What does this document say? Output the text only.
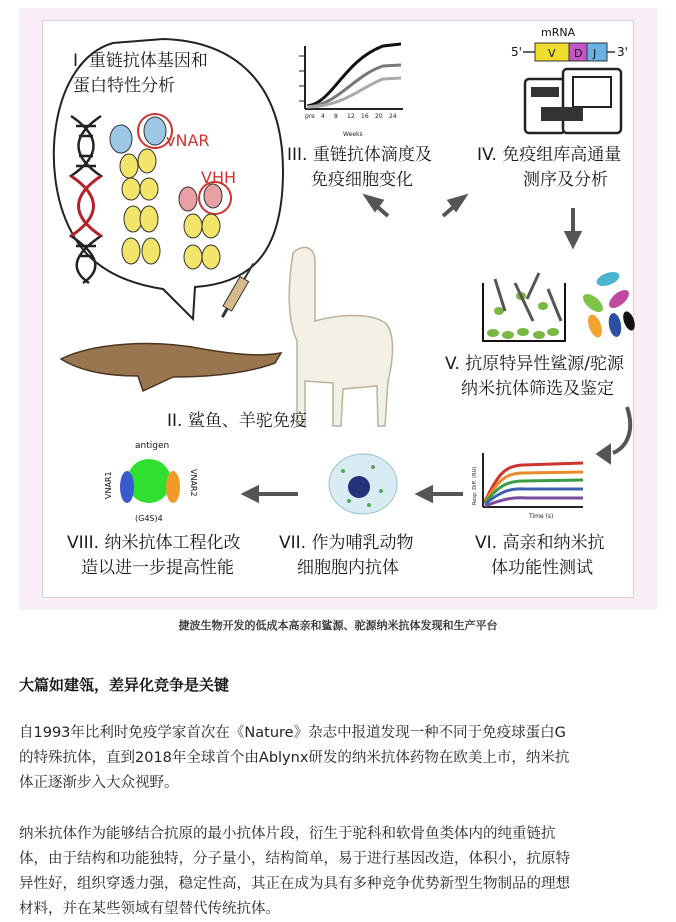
vNAR
VHH
Weeks
pre 4 8 12 16 20 24
mRNA
5' V D J 3'
Time (s)
Resp. Diff. (RU)
antigen
VNAR1	VNAR2
(G4S)4
I. 重链抗体基因和
蛋白特性分析
II. 鲨鱼、羊驼免疫
III. 重链抗体滴度及
免疫细胞变化
IV. 免疫组库高通量
测序及分析
V. 抗原特异性鲨源/驼源
纳米抗体筛选及鉴定
VI. 高亲和纳米抗
体功能性测试
VII. 作为哺乳动物
细胞胞内抗体
VIII. 纳米抗体工程化改
造以进一步提高性能
捷波生物开发的低成本高亲和鲨源、驼源纳米抗体发现和生产平台
大篇如建瓴，差异化竞争是关键
自1993年比利时免疫学家首次在《Nature》杂志中报道发现一种不同于免疫球蛋白G
的特殊抗体，直到2018年全球首个由Ablynx研发的纳米抗体药物在欧美上市，纳米抗
体正逐渐步入大众视野。
纳米抗体作为能够结合抗原的最小抗体片段，衍生于驼科和软骨鱼类体内的纯重链抗
体，由于结构和功能独特，分子量小，结构简单，易于进行基因改造，体积小，抗原特
异性好，组织穿透力强，稳定性高，其正在成为具有多种竞争优势新型生物制品的理想
材料，并在某些领域有望替代传统抗体。
